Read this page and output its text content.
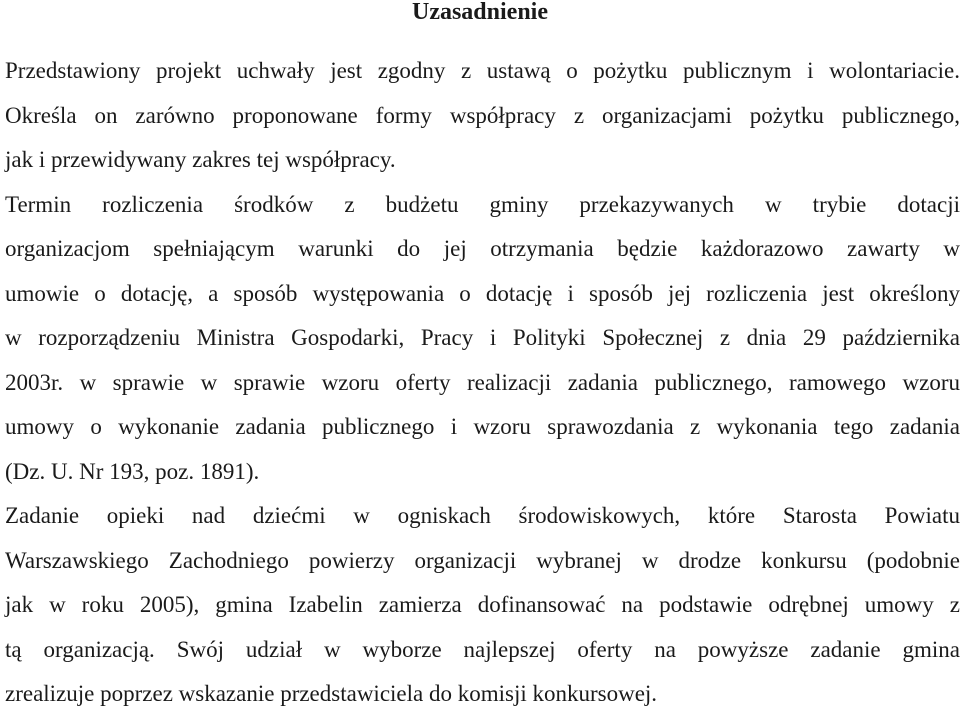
Uzasadnienie
Przedstawiony projekt uchwały jest zgodny z ustawą o pożytku publicznym i wolontariacie.
Określa on zarówno proponowane formy współpracy z organizacjami pożytku publicznego,
jak i przewidywany zakres tej współpracy.
Termin rozliczenia środków z budżetu gminy przekazywanych w trybie dotacji
organizacjom spełniającym warunki do jej otrzymania będzie każdorazowo zawarty w
umowie o dotację, a sposób występowania o dotację i sposób jej rozliczenia jest określony
w rozporządzeniu Ministra Gospodarki, Pracy i Polityki Społecznej z dnia 29 października
2003r. w sprawie w sprawie wzoru oferty realizacji zadania publicznego, ramowego wzoru
umowy o wykonanie zadania publicznego i wzoru sprawozdania z wykonania tego zadania
(Dz. U. Nr 193, poz. 1891).
Zadanie opieki nad dziećmi w ogniskach środowiskowych, które Starosta Powiatu
Warszawskiego Zachodniego powierzy organizacji wybranej w drodze konkursu (podobnie
jak w roku 2005), gmina Izabelin zamierza dofinansować na podstawie odrębnej umowy z
tą organizacją. Swój udział w wyborze najlepszej oferty na powyższe zadanie gmina
zrealizuje poprzez wskazanie przedstawiciela do komisji konkursowej.
